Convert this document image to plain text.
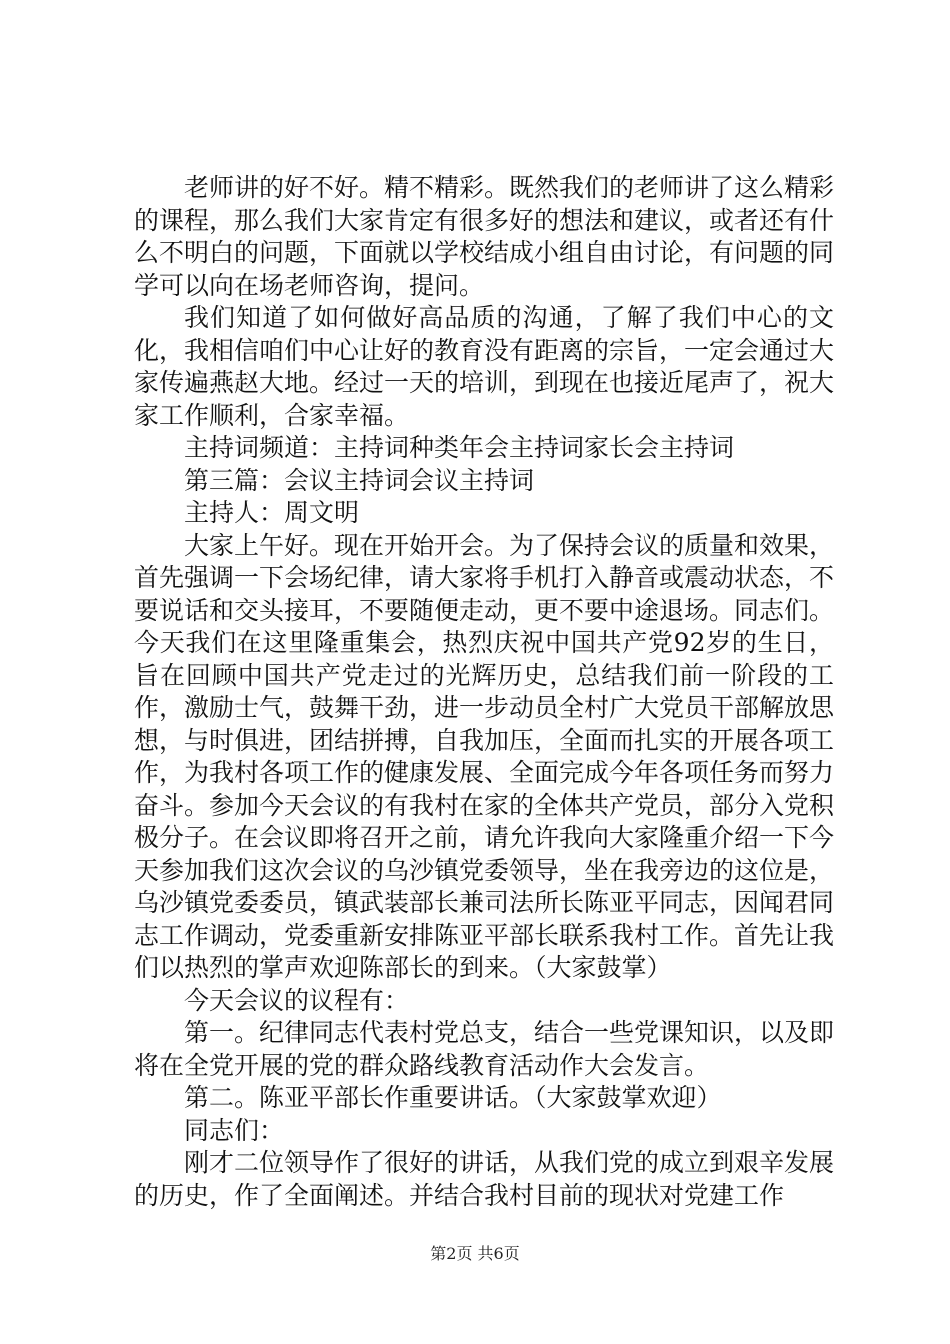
老师讲的好不好。精不精彩。既然我们的老师讲了这么精彩的课程，那么我们大家肯定有很多好的想法和建议，或者还有什么不明白的问题，下面就以学校结成小组自由讨论，有问题的同学可以向在场老师咨询，提问。

我们知道了如何做好高品质的沟通，了解了我们中心的文化，我相信咱们中心让好的教育没有距离的宗旨，一定会通过大家传遍燕赵大地。经过一天的培训，到现在也接近尾声了，祝大家工作顺利，合家幸福。

主持词频道：主持词种类年会主持词家长会主持词

第三篇：会议主持词会议主持词

主持人：周文明

大家上午好。现在开始开会。为了保持会议的质量和效果，首先强调一下会场纪律，请大家将手机打入静音或震动状态，不要说话和交头接耳，不要随便走动，更不要中途退场。同志们。今天我们在这里隆重集会，热烈庆祝中国共产党92岁的生日，旨在回顾中国共产党走过的光辉历史，总结我们前一阶段的工作，激励士气，鼓舞干劲，进一步动员全村广大党员干部解放思想，与时俱进，团结拼搏，自我加压，全面而扎实的开展各项工作，为我村各项工作的健康发展、全面完成今年各项任务而努力奋斗。参加今天会议的有我村在家的全体共产党员，部分入党积极分子。在会议即将召开之前，请允许我向大家隆重介绍一下今天参加我们这次会议的乌沙镇党委领导，坐在我旁边的这位是，乌沙镇党委委员，镇武装部长兼司法所长陈亚平同志，因闻君同志工作调动，党委重新安排陈亚平部长联系我村工作。首先让我们以热烈的掌声欢迎陈部长的到来。（大家鼓掌）

今天会议的议程有：

第一。纪律同志代表村党总支，结合一些党课知识，以及即将在全党开展的党的群众路线教育活动作大会发言。

第二。陈亚平部长作重要讲话。（大家鼓掌欢迎）

同志们：

刚才二位领导作了很好的讲话，从我们党的成立到艰辛发展的历史，作了全面阐述。并结合我村目前的现状对党建工作

第2页 共6页
